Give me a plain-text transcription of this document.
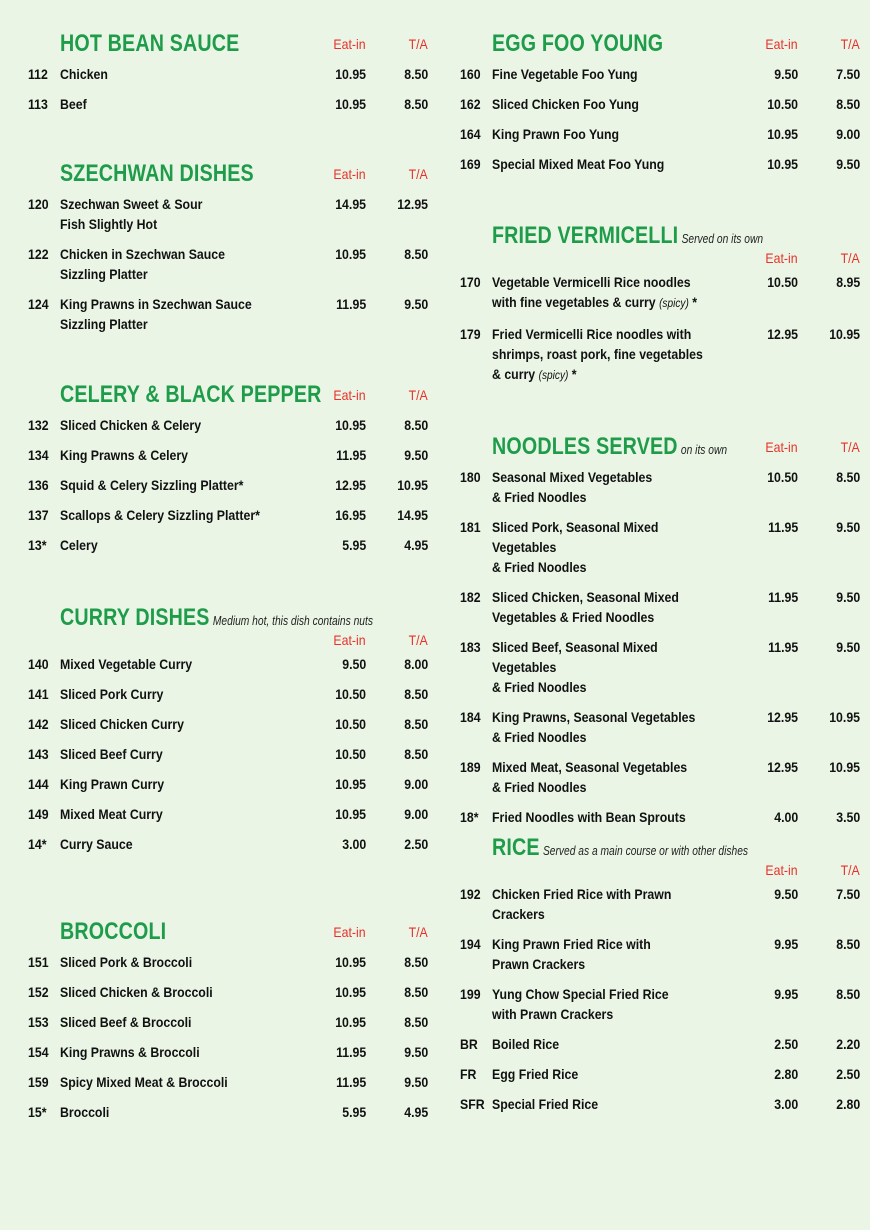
HOT BEAN SAUCE	Eat-in	T/A
112 Chicken	10.95	8.50
113 Beef	10.95	8.50
SZECHWAN DISHES	Eat-in	T/A
120 Szechwan Sweet & Sour
Fish Slightly Hot
14.95 12.95
122 Chicken in Szechwan Sauce
Sizzling Platter
10.95	8.50
124 King Prawns in Szechwan Sauce
Sizzling Platter
11.95	9.50
CELERY & BLACK PEPPER Eat-in	T/A
132 Sliced Chicken & Celery	10.95	8.50
134 King Prawns & Celery	11.95	9.50
136 Squid & Celery Sizzling Platter*	12.95 10.95
137 Scallops & Celery Sizzling Platter*	16.95 14.95
13* Celery	5.95	4.95
CURRY DISHES Medium hot, this dish contains nuts
Eat-in	T/A
140 Mixed Vegetable Curry	9.50	8.00
141 Sliced Pork Curry	10.50	8.50
142 Sliced Chicken Curry	10.50	8.50
143 Sliced Beef Curry	10.50	8.50
144 King Prawn Curry	10.95	9.00
149 Mixed Meat Curry	10.95	9.00
14* Curry Sauce	3.00	2.50
BROCCOLI	Eat-in	T/A
151 Sliced Pork & Broccoli	10.95	8.50
152 Sliced Chicken & Broccoli	10.95	8.50
153 Sliced Beef & Broccoli	10.95	8.50
154 King Prawns & Broccoli	11.95	9.50
159 Spicy Mixed Meat & Broccoli	11.95	9.50
15* Broccoli	5.95	4.95
EGG FOO YOUNG	Eat-in	T/A
160 Fine Vegetable Foo Yung	9.50	7.50
162 Sliced Chicken Foo Yung	10.50	8.50
164 King Prawn Foo Yung	10.95	9.00
169 Special Mixed Meat Foo Yung	10.95	9.50
FRIED VERMICELLI Served on its own
Eat-in	T/A
170 Vegetable Vermicelli Rice noodles
with fine vegetables & curry (spicy) *
10.50	8.95
179 Fried Vermicelli Rice noodles with
shrimps, roast pork, fine vegetables
& curry (spicy) *
12.95 10.95
NOODLES SERVED on its own	Eat-in	T/A
180 Seasonal Mixed Vegetables
& Fried Noodles
10.50	8.50
181 Sliced Pork, Seasonal Mixed Vegetables
& Fried Noodles
11.95	9.50
182 Sliced Chicken, Seasonal Mixed
Vegetables & Fried Noodles
11.95	9.50
183 Sliced Beef, Seasonal Mixed Vegetables
& Fried Noodles
11.95	9.50
184 King Prawns, Seasonal Vegetables
& Fried Noodles
12.95 10.95
189 Mixed Meat, Seasonal Vegetables
& Fried Noodles
12.95 10.95
18* Fried Noodles with Bean Sprouts	4.00	3.50
RICE Served as a main course or with other dishes
Eat-in	T/A
192 Chicken Fried Rice with Prawn Crackers
9.50	7.50
194 King Prawn Fried Rice with
Prawn Crackers
9.95	8.50
199 Yung Chow Special Fried Rice
with Prawn Crackers
9.95	8.50
BR	Boiled Rice	2.50	2.20
FR	Egg Fried Rice	2.80	2.50
SFR Special Fried Rice	3.00	2.80
